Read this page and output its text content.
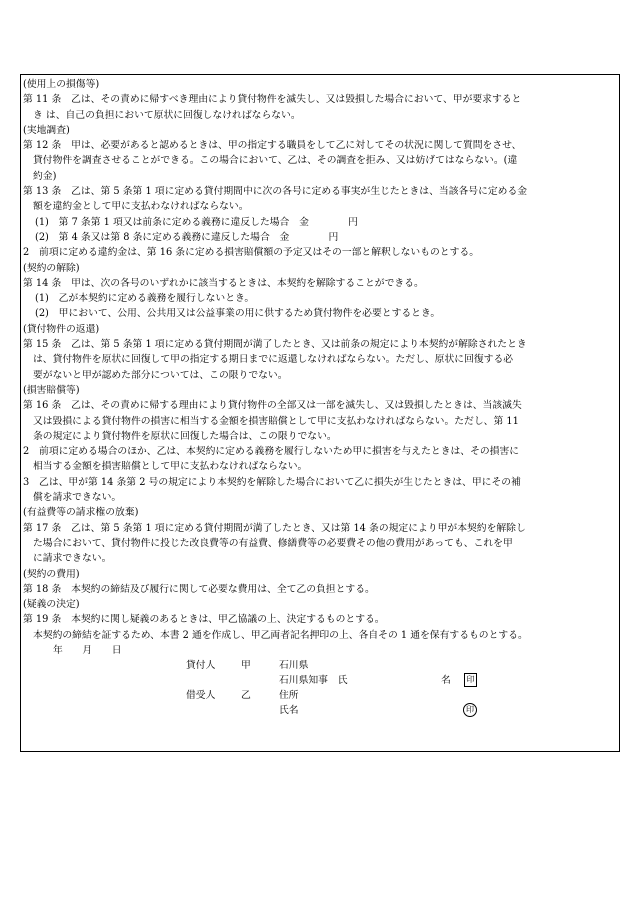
(使用上の損傷等)
第 11 条　乙は、その責めに帰すべき理由により貸付物件を滅失し、又は毀損した場合において、甲が要求すると
き は、自己の負担において原状に回復しなければならない。
(実地調査)
第 12 条　甲は、必要があると認めるときは、甲の指定する職員をして乙に対してその状況に関して質問をさせ、
貸付物件を調査させることができる。この場合において、乙は、その調査を拒み、又は妨げてはならない。(違
約金)
第 13 条　乙は、第 5 条第 1 項に定める貸付期間中に次の各号に定める事実が生じたときは、当該各号に定める金
額を違約金として甲に支払わなければならない。
(1)　第 7 条第 1 項又は前条に定める義務に違反した場合　金　　　　円
(2)　第 4 条又は第 8 条に定める義務に違反した場合　金　　　　円
2　前項に定める違約金は、第 16 条に定める損害賠償額の予定又はその一部と解釈しないものとする。
(契約の解除)
第 14 条　甲は、次の各号のいずれかに該当するときは、本契約を解除することができる。
(1)　乙が本契約に定める義務を履行しないとき。
(2)　甲において、公用、公共用又は公益事業の用に供するため貸付物件を必要とするとき。
(貸付物件の返還)
第 15 条　乙は、第 5 条第 1 項に定める貸付期間が満了したとき、又は前条の規定により本契約が解除されたとき
は、貸付物件を原状に回復して甲の指定する期日までに返還しなければならない。ただし、原状に回復する必
要がないと甲が認めた部分については、この限りでない。
(損害賠償等)
第 16 条　乙は、その責めに帰する理由により貸付物件の全部又は一部を滅失し、又は毀損したときは、当該滅失
又は毀損による貸付物件の損害に相当する金額を損害賠償として甲に支払わなければならない。ただし、第 11
条の規定により貸付物件を原状に回復した場合は、この限りでない。
2　前項に定める場合のほか、乙は、本契約に定める義務を履行しないため甲に損害を与えたときは、その損害に
相当する金額を損害賠償として甲に支払わなければならない。
3　乙は、甲が第 14 条第 2 号の規定により本契約を解除した場合において乙に損失が生じたときは、甲にその補
償を請求できない。
(有益費等の請求権の放棄)
第 17 条　乙は、第 5 条第 1 項に定める貸付期間が満了したとき、又は第 14 条の規定により甲が本契約を解除し
た場合において、貸付物件に投じた改良費等の有益費、修繕費等の必要費その他の費用があっても、これを甲
に請求できない。
(契約の費用)
第 18 条　本契約の締結及び履行に関して必要な費用は、全て乙の負担とする。
(疑義の決定)
第 19 条　本契約に関し疑義のあるときは、甲乙協議の上、決定するものとする。
本契約の締結を証するため、本書 2 通を作成し、甲乙両者記名押印の上、各自その 1 通を保有するものとする。
年　　月　　日
貸付人	甲	石川県
石川県知事　氏	名	印
借受人	乙	住所
氏名	印
